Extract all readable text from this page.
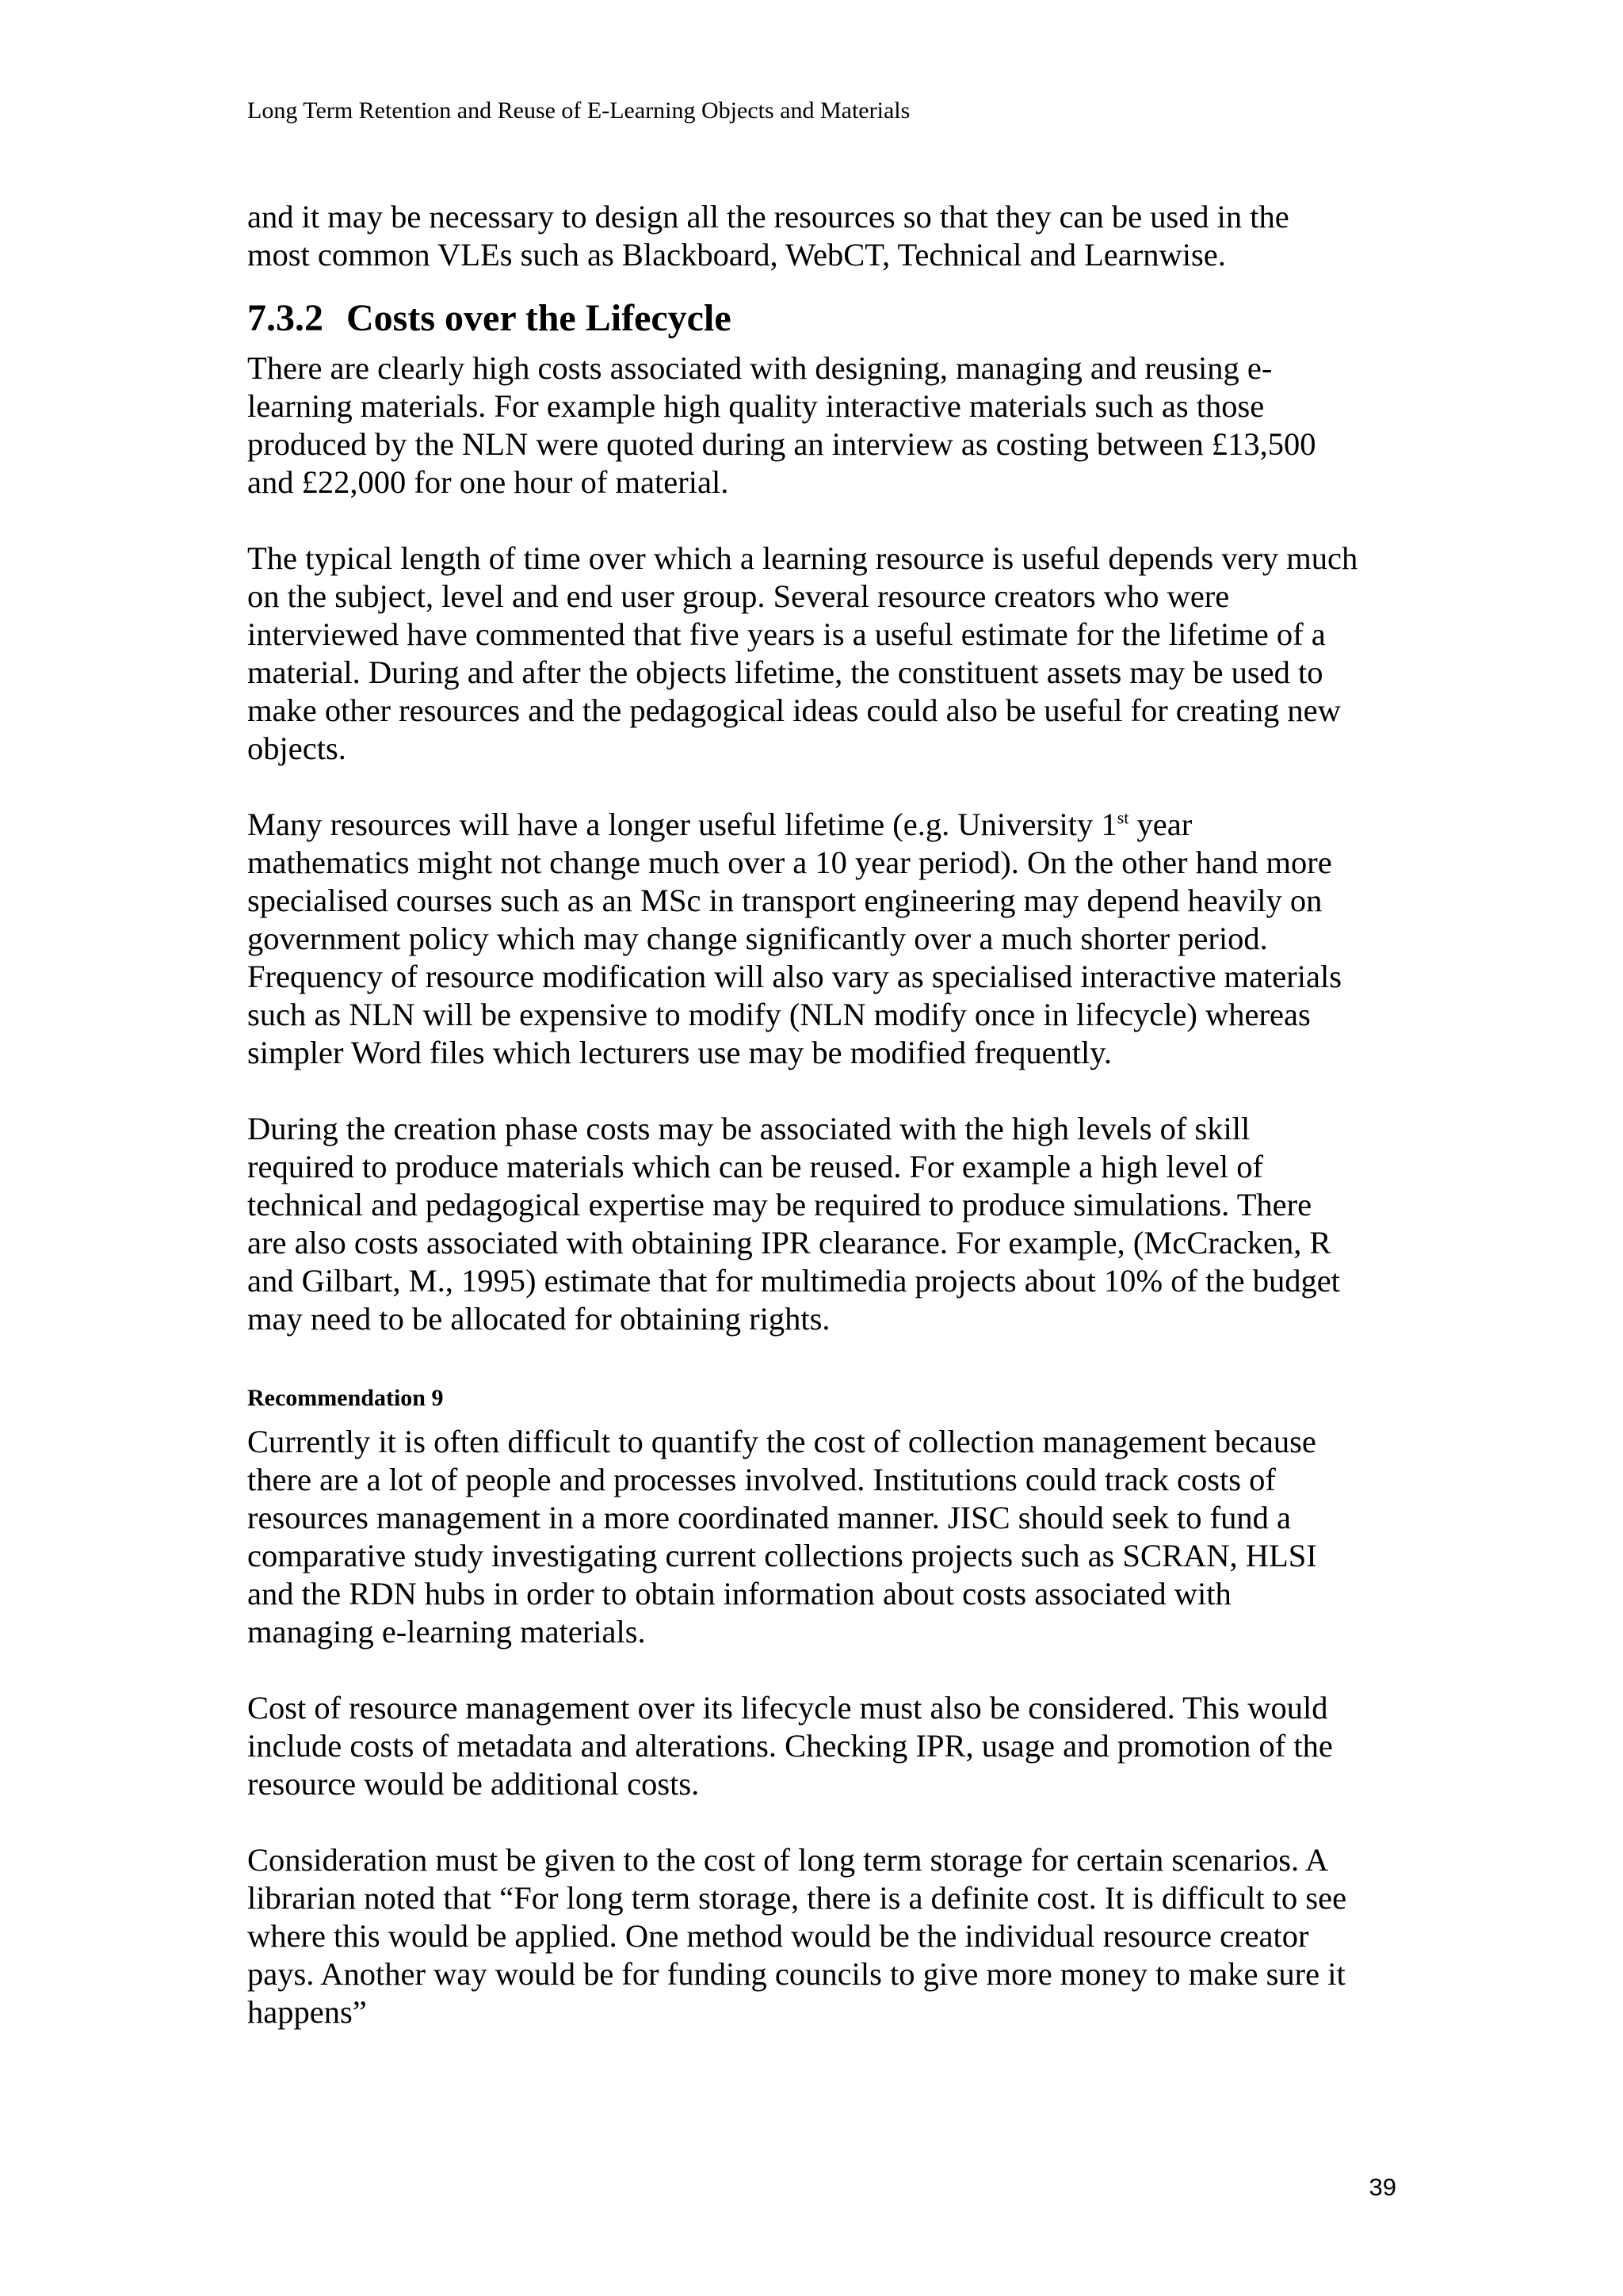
Long Term Retention and Reuse of E-Learning Objects and Materials
and it may be necessary to design all the resources so that they can be used in the
most common VLEs such as Blackboard, WebCT, Technical and Learnwise.
7.3.2 Costs over the Lifecycle
There are clearly high costs associated with designing, managing and reusing e-
learning materials. For example high quality interactive materials such as those
produced by the NLN were quoted during an interview as costing between £13,500
and £22,000 for one hour of material.

The typical length of time over which a learning resource is useful depends very much
on the subject, level and end user group. Several resource creators who were
interviewed have commented that five years is a useful estimate for the lifetime of a
material. During and after the objects lifetime, the constituent assets may be used to
make other resources and the pedagogical ideas could also be useful for creating new
objects.

Many resources will have a longer useful lifetime (e.g. University 1st year
mathematics might not change much over a 10 year period). On the other hand more
specialised courses such as an MSc in transport engineering may depend heavily on
government policy which may change significantly over a much shorter period.
Frequency of resource modification will also vary as specialised interactive materials
such as NLN will be expensive to modify (NLN modify once in lifecycle) whereas
simpler Word files which lecturers use may be modified frequently.

During the creation phase costs may be associated with the high levels of skill
required to produce materials which can be reused. For example a high level of
technical and pedagogical expertise may be required to produce simulations. There
are also costs associated with obtaining IPR clearance. For example, (McCracken, R
and Gilbart, M., 1995) estimate that for multimedia projects about 10% of the budget
may need to be allocated for obtaining rights.

Recommendation 9

Currently it is often difficult to quantify the cost of collection management because
there are a lot of people and processes involved. Institutions could track costs of
resources management in a more coordinated manner. JISC should seek to fund a
comparative study investigating current collections projects such as SCRAN, HLSI
and the RDN hubs in order to obtain information about costs associated with
managing e-learning materials.

Cost of resource management over its lifecycle must also be considered. This would
include costs of metadata and alterations. Checking IPR, usage and promotion of the
resource would be additional costs.

Consideration must be given to the cost of long term storage for certain scenarios. A
librarian noted that “For long term storage, there is a definite cost. It is difficult to see
where this would be applied. One method would be the individual resource creator
pays. Another way would be for funding councils to give more money to make sure it
happens”

39
